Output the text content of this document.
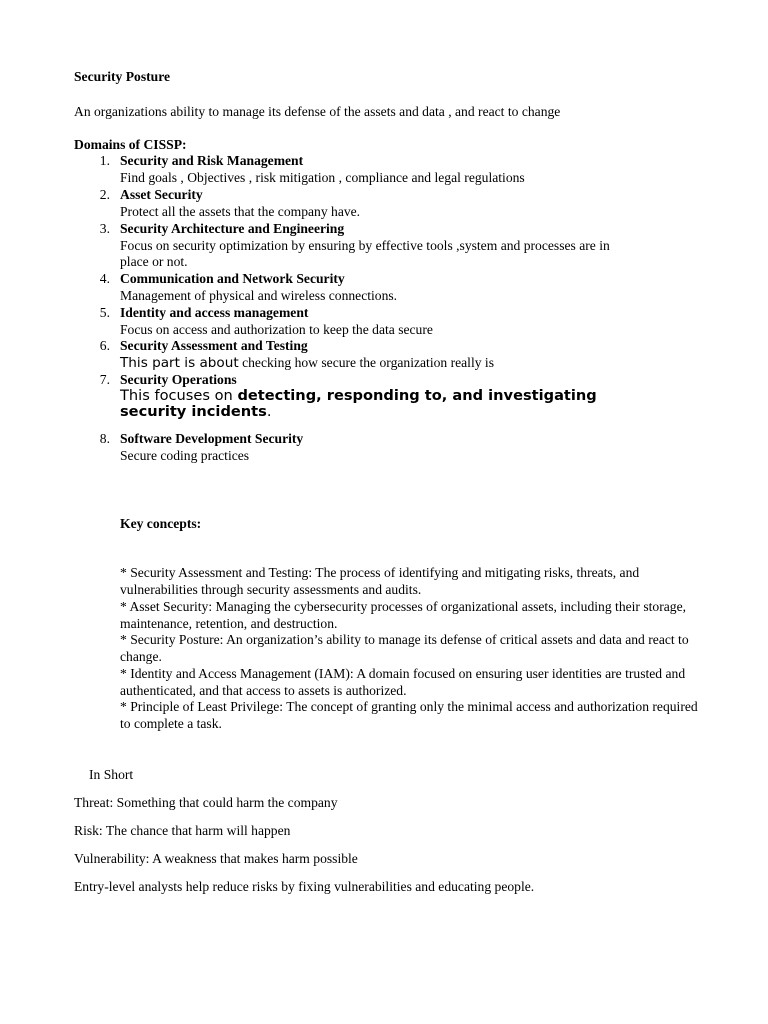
Security Posture
An organizations ability to manage its defense of the assets and data , and react to change
Domains of CISSP:
1. Security and Risk Management
Find goals , Objectives , risk mitigation , compliance and legal regulations
2. Asset Security
Protect all the assets that the company have.
3. Security Architecture and Engineering
Focus on security optimization by ensuring by effective tools ,system and processes are in
place or not.
4. Communication and Network Security
Management of physical and wireless connections.
5. Identity and access management
Focus on access and authorization to keep the data secure
6. Security Assessment and Testing
This part is about checking how secure the organization really is
7. Security Operations
This focuses on detecting, responding to, and investigating
security incidents.
8. Software Development Security
Secure coding practices
Key concepts:
* Security Assessment and Testing: The process of identifying and mitigating risks, threats, and vulnerabilities through security assessments and audits.
* Asset Security: Managing the cybersecurity processes of organizational assets, including their storage, maintenance, retention, and destruction.
* Security Posture: An organization’s ability to manage its defense of critical assets and data and react to change.
* Identity and Access Management (IAM): A domain focused on ensuring user identities are trusted and authenticated, and that access to assets is authorized.
* Principle of Least Privilege: The concept of granting only the minimal access and authorization required to complete a task.
In Short
Threat: Something that could harm the company
Risk: The chance that harm will happen
Vulnerability: A weakness that makes harm possible
Entry-level analysts help reduce risks by fixing vulnerabilities and educating people.
